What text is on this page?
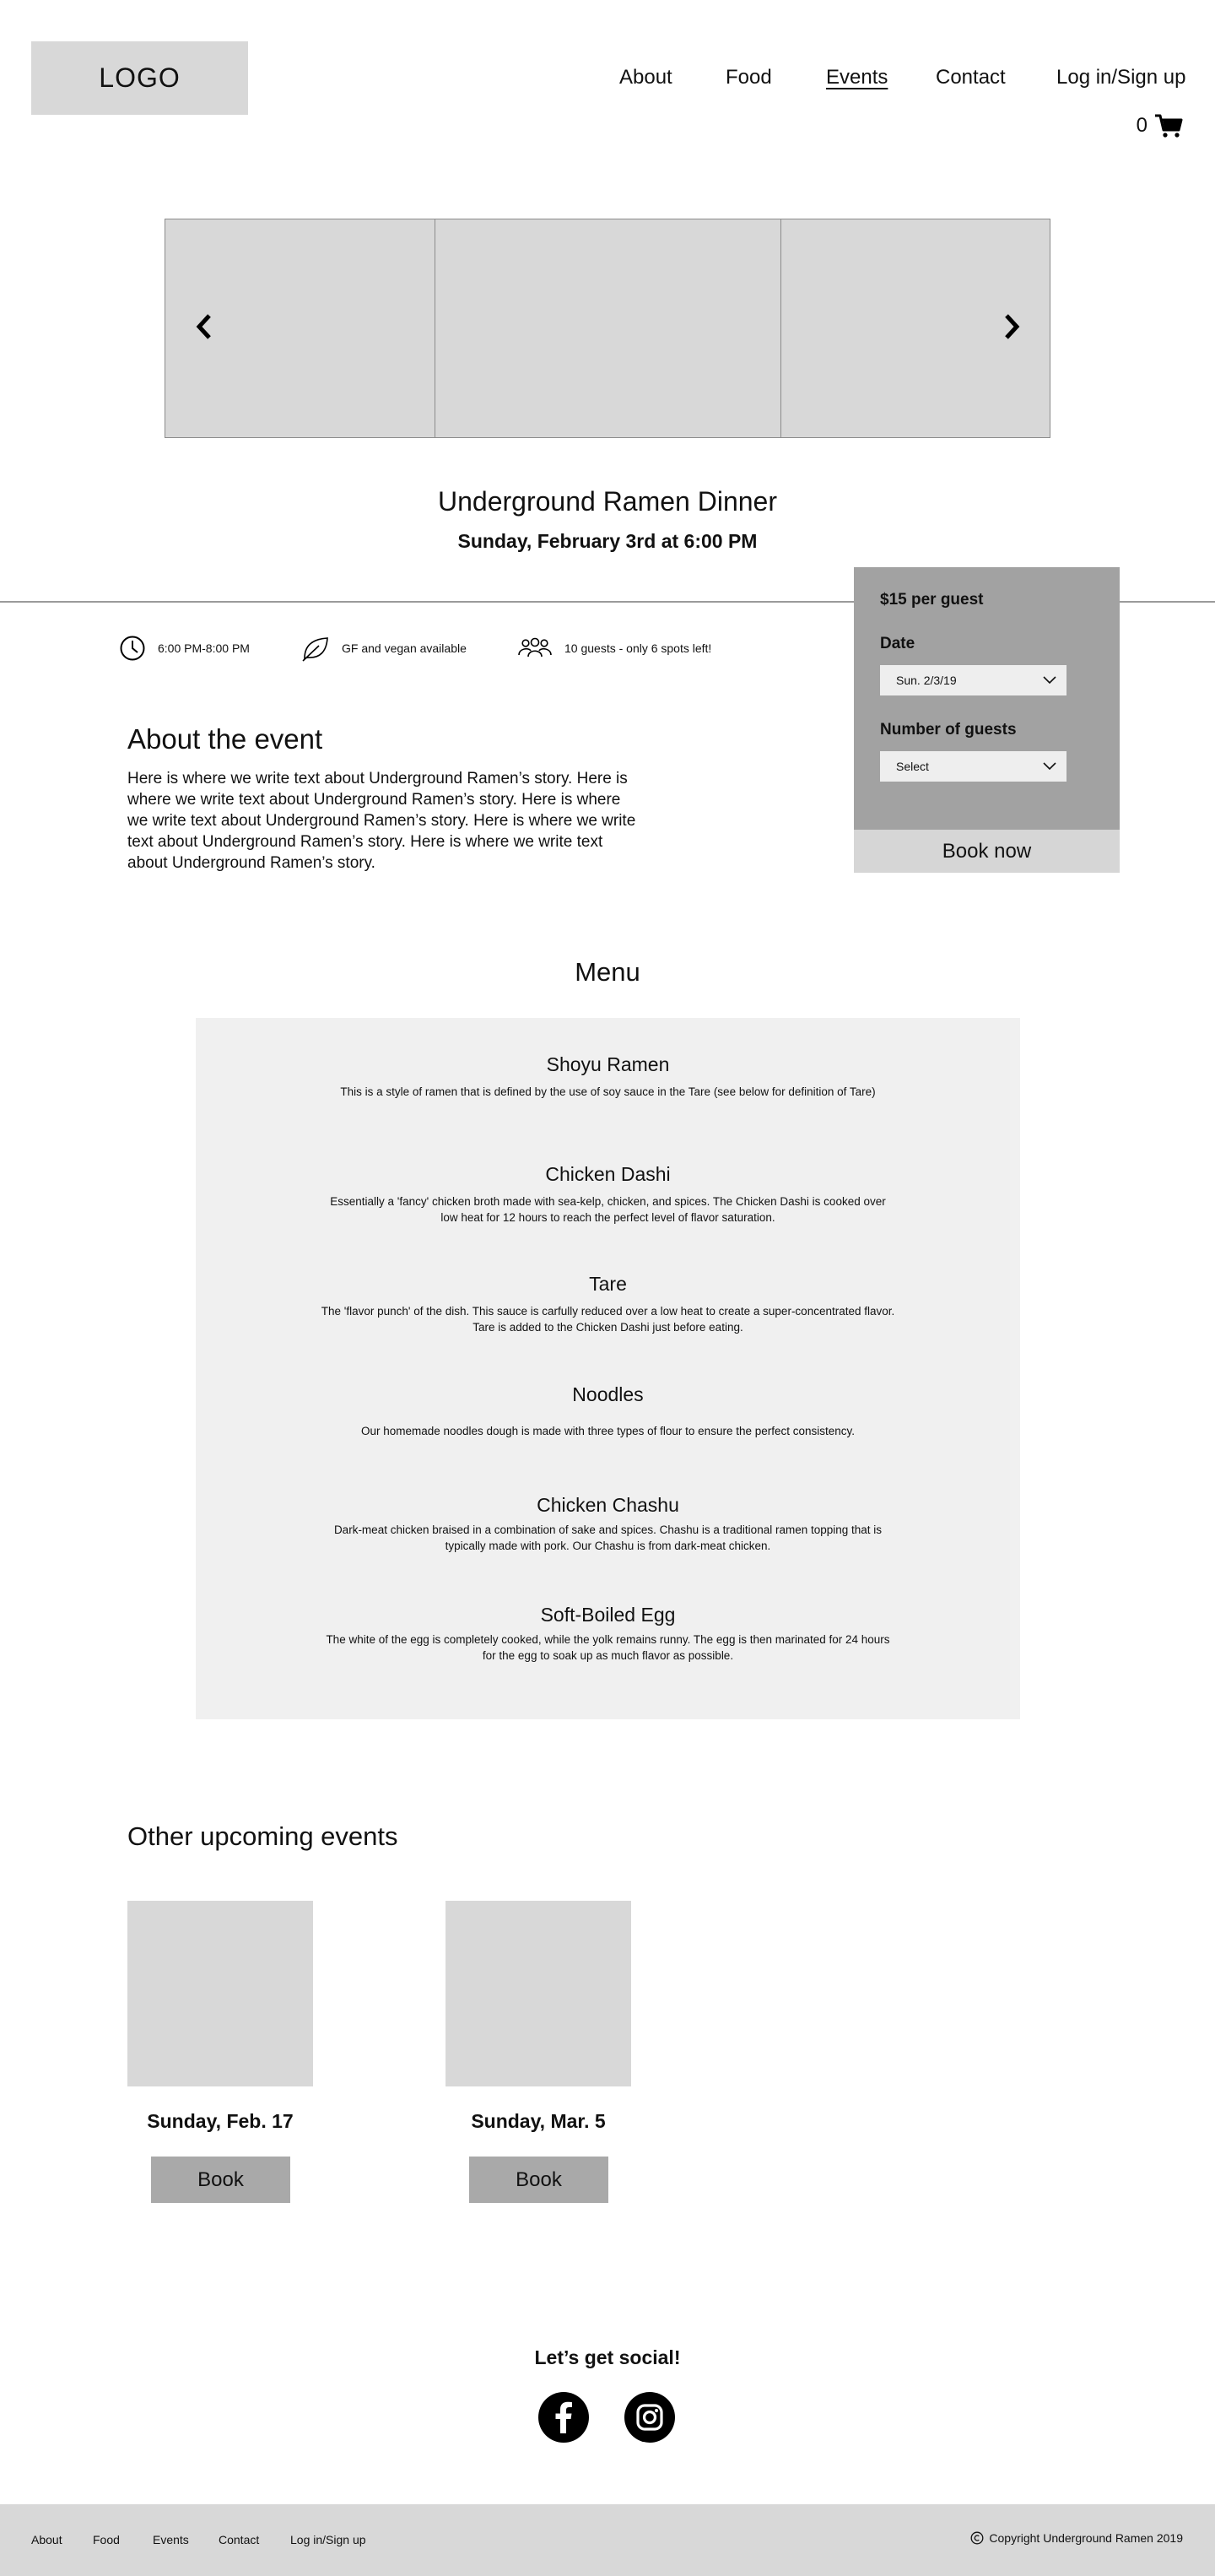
LOGO	About	Food	Events Contact	Log in/Sign up
0
Underground Ramen Dinner
Sunday, February 3rd at 6:00 PM
6:00 PM-8:00 PM	GF and vegan available	10 guests - only 6 spots left!
$15 per guest
Date
Sun. 2/3/19
Number of guests
Select
Book now
About the event

Here is where we write text about Underground Ramen’s story. Here is where we write text about Underground Ramen’s story. Here is where we write text about Underground Ramen’s story. Here is where we write text about Underground Ramen’s story. Here is where we write text about Underground Ramen’s story.

Menu
Shoyu Ramen
This is a style of ramen that is defined by the use of soy sauce in the Tare (see below for definition of Tare)
Chicken Dashi
Essentially a 'fancy' chicken broth made with sea-kelp, chicken, and spices. The Chicken Dashi is cooked over low heat for 12 hours to reach the perfect level of flavor saturation.
Tare
The 'flavor punch' of the dish. This sauce is carfully reduced over a low heat to create a super-concentrated flavor. Tare is added to the Chicken Dashi just before eating.
Noodles
Our homemade noodles dough is made with three types of flour to ensure the perfect consistency.
Chicken Chashu
Dark-meat chicken braised in a combination of sake and spices. Chashu is a traditional ramen topping that is typically made with pork. Our Chashu is from dark-meat chicken.
Soft-Boiled Egg
The white of the egg is completely cooked, while the yolk remains runny. The egg is then marinated for 24 hours for the egg to soak up as much flavor as possible.
Other upcoming events
Sunday, Feb. 17
Book
Sunday, Mar. 5
Book
Let’s get social!
About	Food	Events	Contact	Log in/Sign up	Copyright Underground Ramen 2019
